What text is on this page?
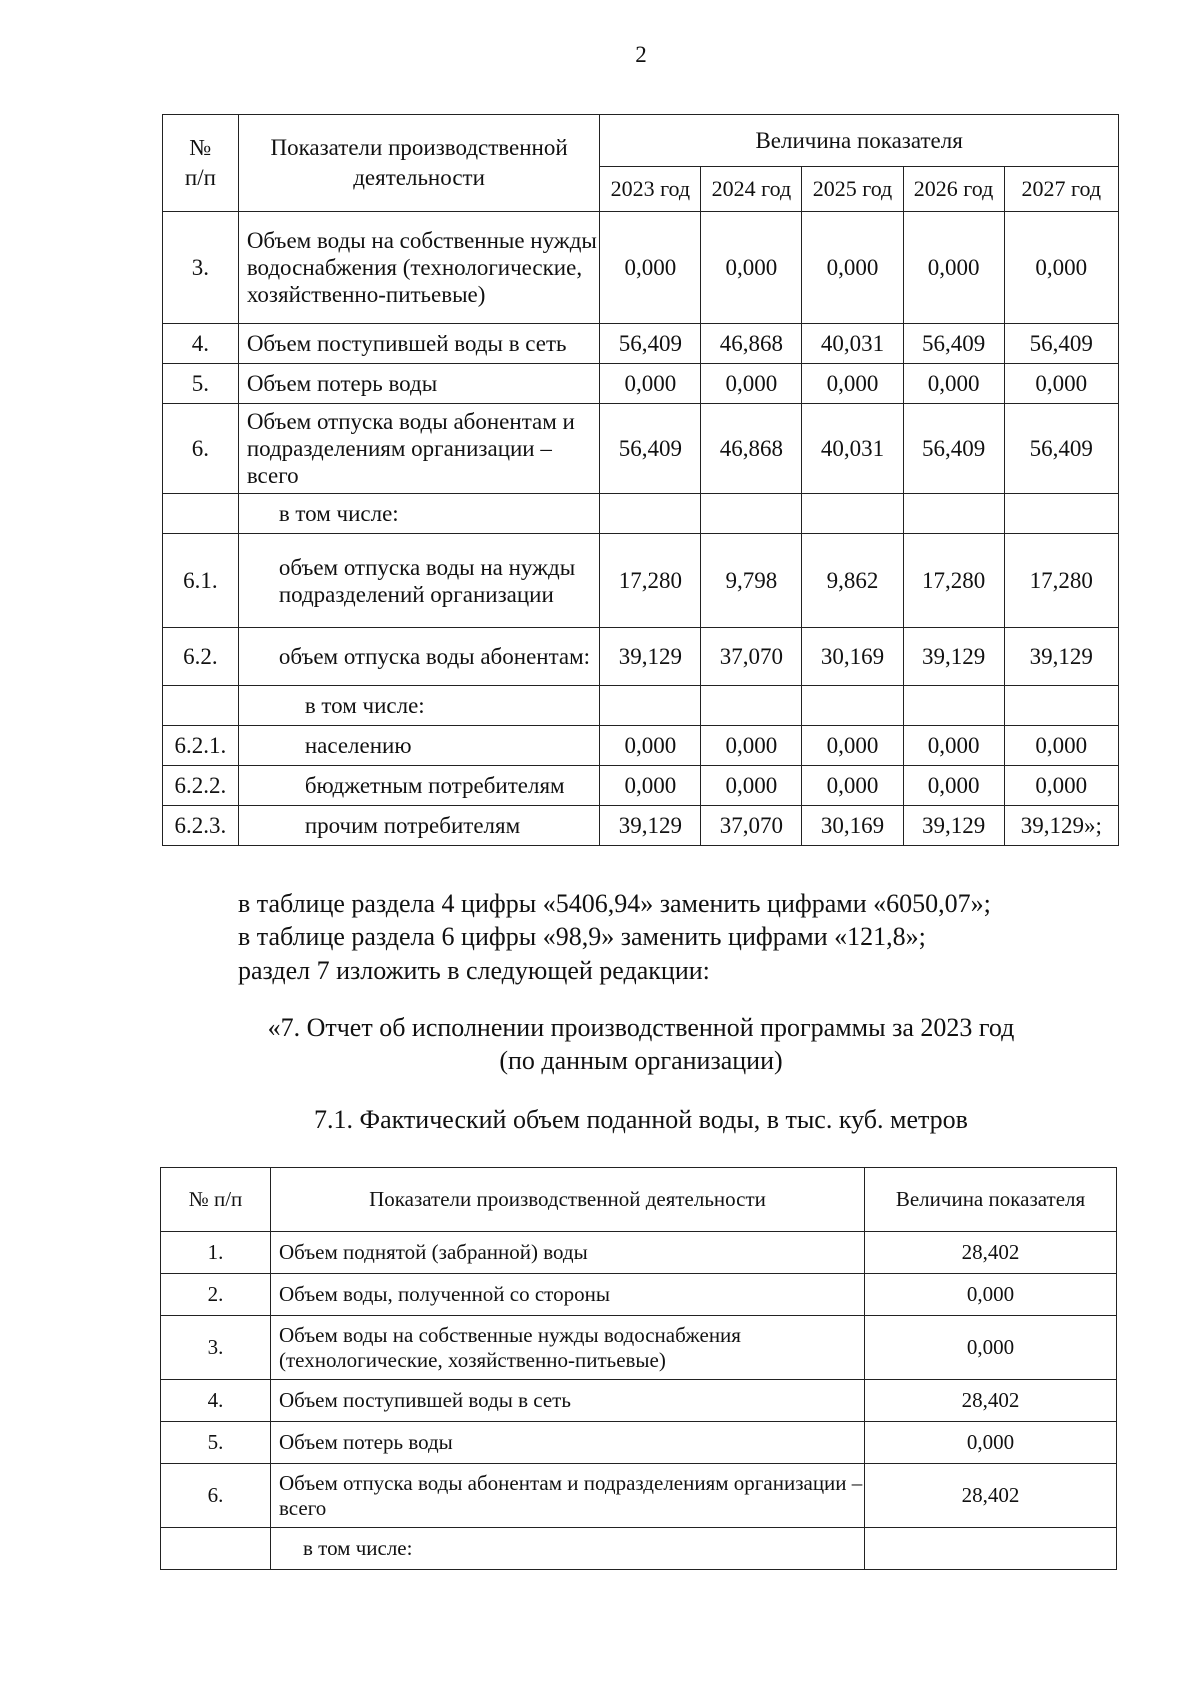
2
№
п/п	Показатели производственной деятельности	Величина показателя				
		2023 год	2024 год	2025 год	2026 год	2027 год
3.	Объем воды на собственные нужды водоснабжения (технологические, хозяйственно-питьевые)	0,000	0,000	0,000	0,000	0,000
4.	Объем поступившей воды в сеть	56,409	46,868	40,031	56,409	56,409
5.	Объем потерь воды	0,000	0,000	0,000	0,000	0,000
6.	Объем отпуска воды абонентам и подразделениям организации – всего	56,409	46,868	40,031	56,409	56,409
	в том числе:					
6.1.	объем отпуска воды на нужды подразделений организации	17,280	9,798	9,862	17,280	17,280
6.2.	объем отпуска воды абонентам:	39,129	37,070	30,169	39,129	39,129
	в том числе:					
6.2.1.	населению	0,000	0,000	0,000	0,000	0,000
6.2.2.	бюджетным потребителям	0,000	0,000	0,000	0,000	0,000
6.2.3.	прочим потребителям	39,129	37,070	30,169	39,129	39,129»;
в таблице раздела 4 цифры «5406,94» заменить цифрами «6050,07»;
в таблице раздела 6 цифры «98,9» заменить цифрами «121,8»;
раздел 7 изложить в следующей редакции:
«7. Отчет об исполнении производственной программы за 2023 год
(по данным организации)
7.1. Фактический объем поданной воды, в тыс. куб. метров
№ п/п	Показатели производственной деятельности	Величина показателя
1.	Объем поднятой (забранной) воды	28,402
2.	Объем воды, полученной со стороны	0,000
3.	Объем воды на собственные нужды водоснабжения (технологические, хозяйственно-питьевые)	0,000
4.	Объем поступившей воды в сеть	28,402
5.	Объем потерь воды	0,000
6.	Объем отпуска воды абонентам и подразделениям организации – всего	28,402
	в том числе:	
